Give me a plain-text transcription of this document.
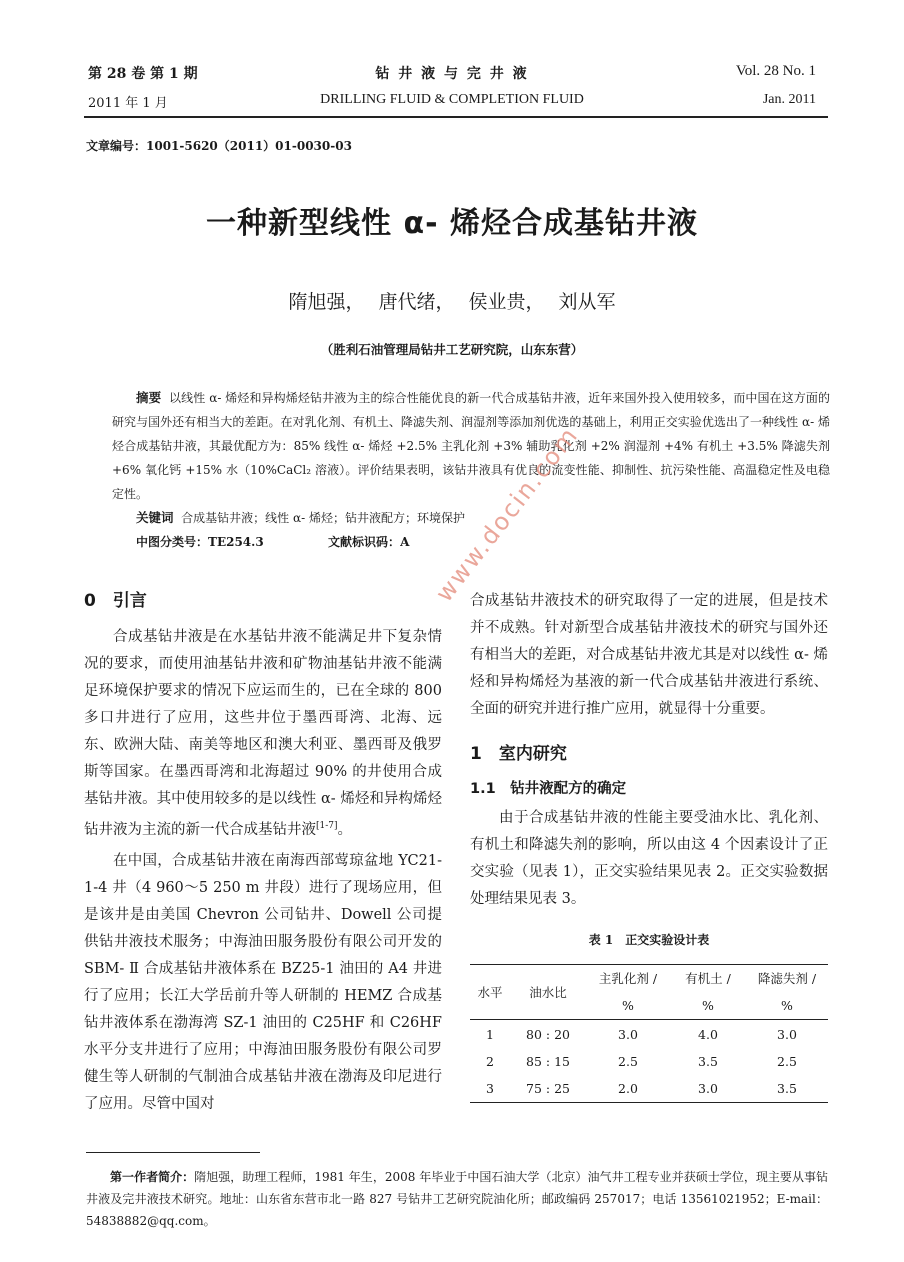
第 28 卷 第 1 期
2011 年 1 月
钻 井 液 与 完 井 液
DRILLING FLUID & COMPLETION FLUID
Vol. 28 No. 1
Jan. 2011
文章编号：1001-5620（2011）01-0030-03
一种新型线性 α- 烯烃合成基钻井液
隋旭强， 唐代绪， 侯业贵， 刘从军
（胜利石油管理局钻井工艺研究院，山东东营）
摘要 以线性 α- 烯烃和异构烯烃钻井液为主的综合性能优良的新一代合成基钻井液，近年来国外投入使用较多，而中国在这方面的研究与国外还有相当大的差距。在对乳化剂、有机土、降滤失剂、润湿剂等添加剂优选的基础上，利用正交实验优选出了一种线性 α- 烯烃合成基钻井液，其最优配方为：85% 线性 α- 烯烃 +2.5% 主乳化剂 +3% 辅助乳化剂 +2% 润湿剂 +4% 有机土 +3.5% 降滤失剂 +6% 氧化钙 +15% 水（10%CaCl₂ 溶液）。评价结果表明，该钻井液具有优良的流变性能、抑制性、抗污染性能、高温稳定性及电稳定性。
关键词 合成基钻井液；线性 α- 烯烃；钻井液配方；环境保护
中图分类号：TE254.3	文献标识码：A www.docin.com
0　引言

合成基钻井液是在水基钻井液不能满足井下复杂情况的要求，而使用油基钻井液和矿物油基钻井液不能满足环境保护要求的情况下应运而生的，已在全球的 800 多口井进行了应用，这些井位于墨西哥湾、北海、远东、欧洲大陆、南美等地区和澳大利亚、墨西哥及俄罗斯等国家。在墨西哥湾和北海超过 90% 的井使用合成基钻井液。其中使用较多的是以线性 α- 烯烃和异构烯烃钻井液为主流的新一代合成基钻井液[1-7]。

在中国，合成基钻井液在南海西部莺琼盆地 YC21-1-4 井（4 960～5 250 m 井段）进行了现场应用，但是该井是由美国 Chevron 公司钻井、Dowell 公司提供钻井液技术服务；中海油田服务股份有限公司开发的 SBM- Ⅱ 合成基钻井液体系在 BZ25-1 油田的 A4 井进行了应用；长江大学岳前升等人研制的 HEMZ 合成基钻井液体系在渤海湾 SZ-1 油田的 C25HF 和 C26HF 水平分支井进行了应用；中海油田服务股份有限公司罗健生等人研制的气制油合成基钻井液在渤海及印尼进行了应用。尽管中国对

合成基钻井液技术的研究取得了一定的进展，但是技术并不成熟。针对新型合成基钻井液技术的研究与国外还有相当大的差距，对合成基钻井液尤其是对以线性 α- 烯烃和异构烯烃为基液的新一代合成基钻井液进行系统、全面的研究并进行推广应用，就显得十分重要。

1　室内研究
1.1　钻井液配方的确定

由于合成基钻井液的性能主要受油水比、乳化剂、有机土和降滤失剂的影响，所以由这 4 个因素设计了正交实验（见表 1），正交实验结果见表 2。正交实验数据处理结果见表 3。

表 1　正交实验设计表
水平	油水比	主乳化剂 /	有机土 /	降滤失剂 /
		%	%	%

1	80 : 20	3.0	4.0	3.0
2	85 : 15	2.5	3.5	2.5
3	75 : 25	2.0	3.0	3.5
第一作者简介：隋旭强，助理工程师，1981 年生，2008 年毕业于中国石油大学（北京）油气井工程专业并获硕士学位，现主要从事钻井液及完井液技术研究。地址：山东省东营市北一路 827 号钻井工艺研究院油化所；邮政编码 257017；电话 13561021952；E-mail：54838882@qq.com。
